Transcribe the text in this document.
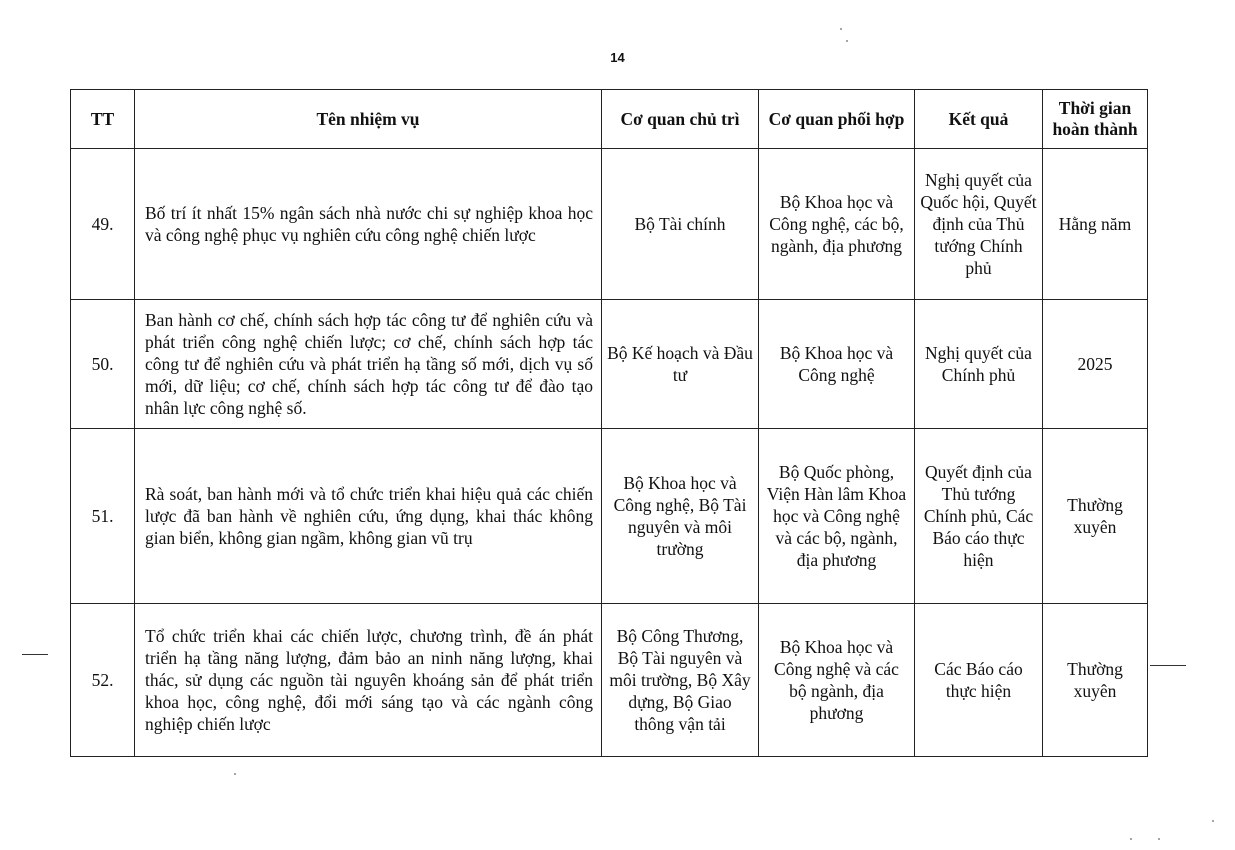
14
TT	Tên nhiệm vụ	Cơ quan chủ trì	Cơ quan phối hợp	Kết quả	Thời gian hoàn thành
49.	Bố trí ít nhất 15% ngân sách nhà nước chi sự nghiệp khoa học và công nghệ phục vụ nghiên cứu công nghệ chiến lược	Bộ Tài chính	Bộ Khoa học và Công nghệ, các bộ, ngành, địa phương	Nghị quyết của Quốc hội, Quyết định của Thủ tướng Chính phủ	Hằng năm
50.	Ban hành cơ chế, chính sách hợp tác công tư để nghiên cứu và phát triển công nghệ chiến lược; cơ chế, chính sách hợp tác công tư để nghiên cứu và phát triển hạ tầng số mới, dịch vụ số mới, dữ liệu; cơ chế, chính sách hợp tác công tư để đào tạo nhân lực công nghệ số.	Bộ Kế hoạch và Đầu tư	Bộ Khoa học và Công nghệ	Nghị quyết của Chính phủ	2025
51.	Rà soát, ban hành mới và tổ chức triển khai hiệu quả các chiến lược đã ban hành về nghiên cứu, ứng dụng, khai thác không gian biển, không gian ngầm, không gian vũ trụ	Bộ Khoa học và Công nghệ, Bộ Tài nguyên và môi trường	Bộ Quốc phòng, Viện Hàn lâm Khoa học và Công nghệ và các bộ, ngành, địa phương	Quyết định của Thủ tướng Chính phủ, Các Báo cáo thực hiện	Thường xuyên
52.	Tổ chức triển khai các chiến lược, chương trình, đề án phát triển hạ tầng năng lượng, đảm bảo an ninh năng lượng, khai thác, sử dụng các nguồn tài nguyên khoáng sản để phát triển khoa học, công nghệ, đổi mới sáng tạo và các ngành công nghiệp chiến lược	Bộ Công Thương, Bộ Tài nguyên và môi trường, Bộ Xây dựng, Bộ Giao thông vận tải	Bộ Khoa học và Công nghệ và các bộ ngành, địa phương	Các Báo cáo thực hiện	Thường xuyên
